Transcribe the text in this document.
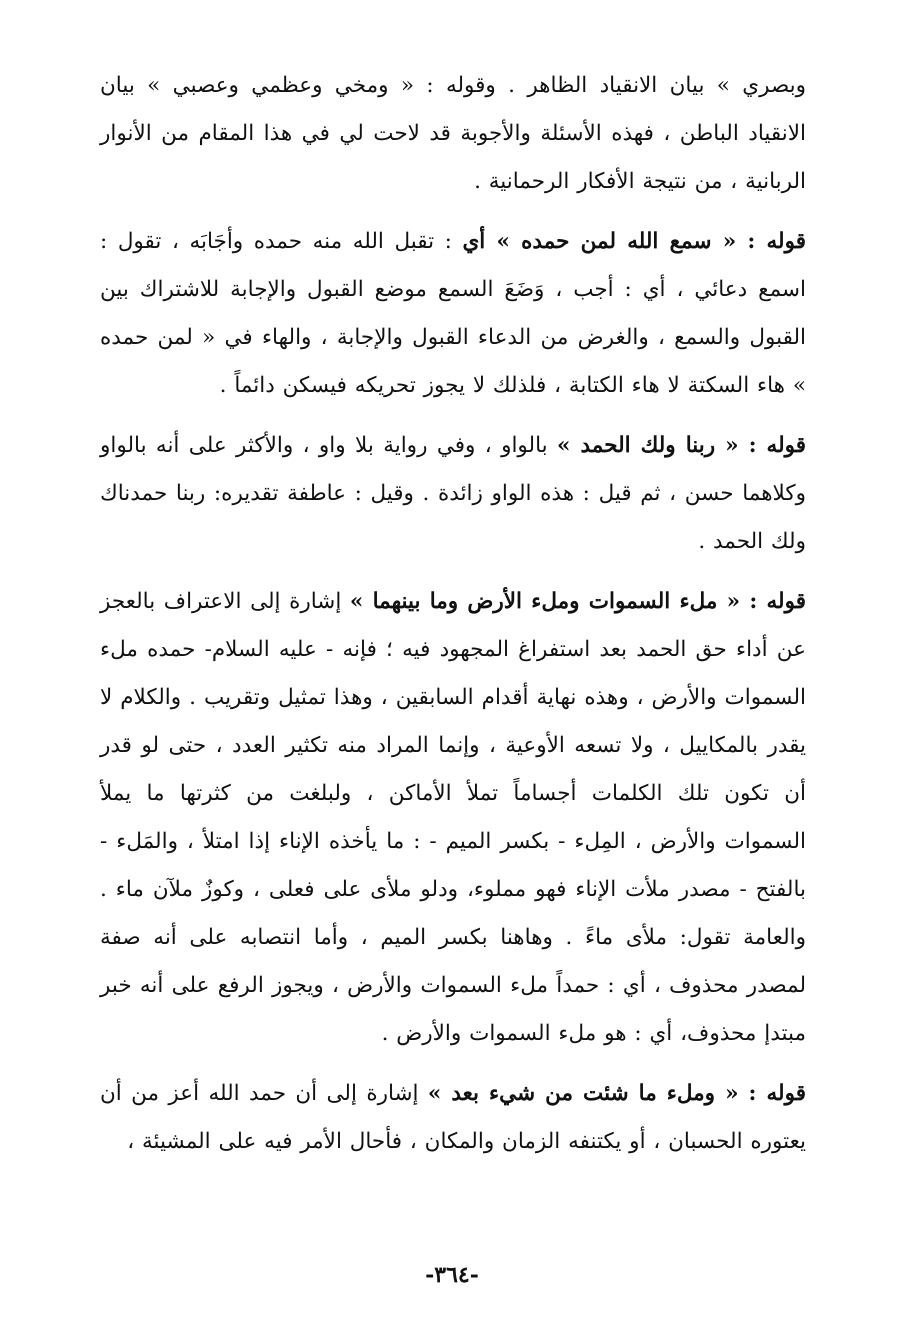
وبصري » بيان الانقياد الظاهر . وقوله : « ومخي وعظمي وعصبي » بيان الانقياد الباطن ، فهذه الأسئلة والأجوبة قد لاحت لي في هذا المقام من الأنوار الربانية ، من نتيجة الأفكار الرحمانية .

قوله : « سمع الله لمن حمده » أي : تقبل الله منه حمده وأجَابَه ، تقول : اسمع دعائي ، أي : أجب ، وَضَعَ السمع موضع القبول والإجابة للاشتراك بين القبول والسمع ، والغرض من الدعاء القبول والإجابة ، والهاء في « لمن حمده » هاء السكتة لا هاء الكتابة ، فلذلك لا يجوز تحريكه فيسكن دائماً .

قوله : « ربنا ولك الحمد » بالواو ، وفي رواية بلا واو ، والأكثر على أنه بالواو وكلاهما حسن ، ثم قيل : هذه الواو زائدة . وقيل : عاطفة تقديره: ربنا حمدناك ولك الحمد .

قوله : « ملء السموات وملء الأرض وما بينهما » إشارة إلى الاعتراف بالعجز عن أداء حق الحمد بعد استفراغ المجهود فيه ؛ فإنه - عليه السلام- حمده ملء السموات والأرض ، وهذه نهاية أقدام السابقين ، وهذا تمثيل وتقريب . والكلام لا يقدر بالمكاييل ، ولا تسعه الأوعية ، وإنما المراد منه تكثير العدد ، حتى لو قدر أن تكون تلك الكلمات أجساماً تملأ الأماكن ، ولبلغت من كثرتها ما يملأ السموات والأرض ، المِلء - بكسر الميم - : ما يأخذه الإناء إذا امتلأ ، والمَلء - بالفتح - مصدر ملأت الإناء فهو مملوء، ودلو ملأى على فعلى ، وكوزٌ ملآن ماء . والعامة تقول: ملأى ماءً . وهاهنا بكسر الميم ، وأما انتصابه على أنه صفة لمصدر محذوف ، أي : حمداً ملء السموات والأرض ، ويجوز الرفع على أنه خبر مبتدإ محذوف، أي : هو ملء السموات والأرض .

قوله : « وملء ما شئت من شيء بعد » إشارة إلى أن حمد الله أعز من أن يعتوره الحسبان ، أو يكتنفه الزمان والمكان ، فأحال الأمر فيه على المشيئة ،

-٣٦٤-
